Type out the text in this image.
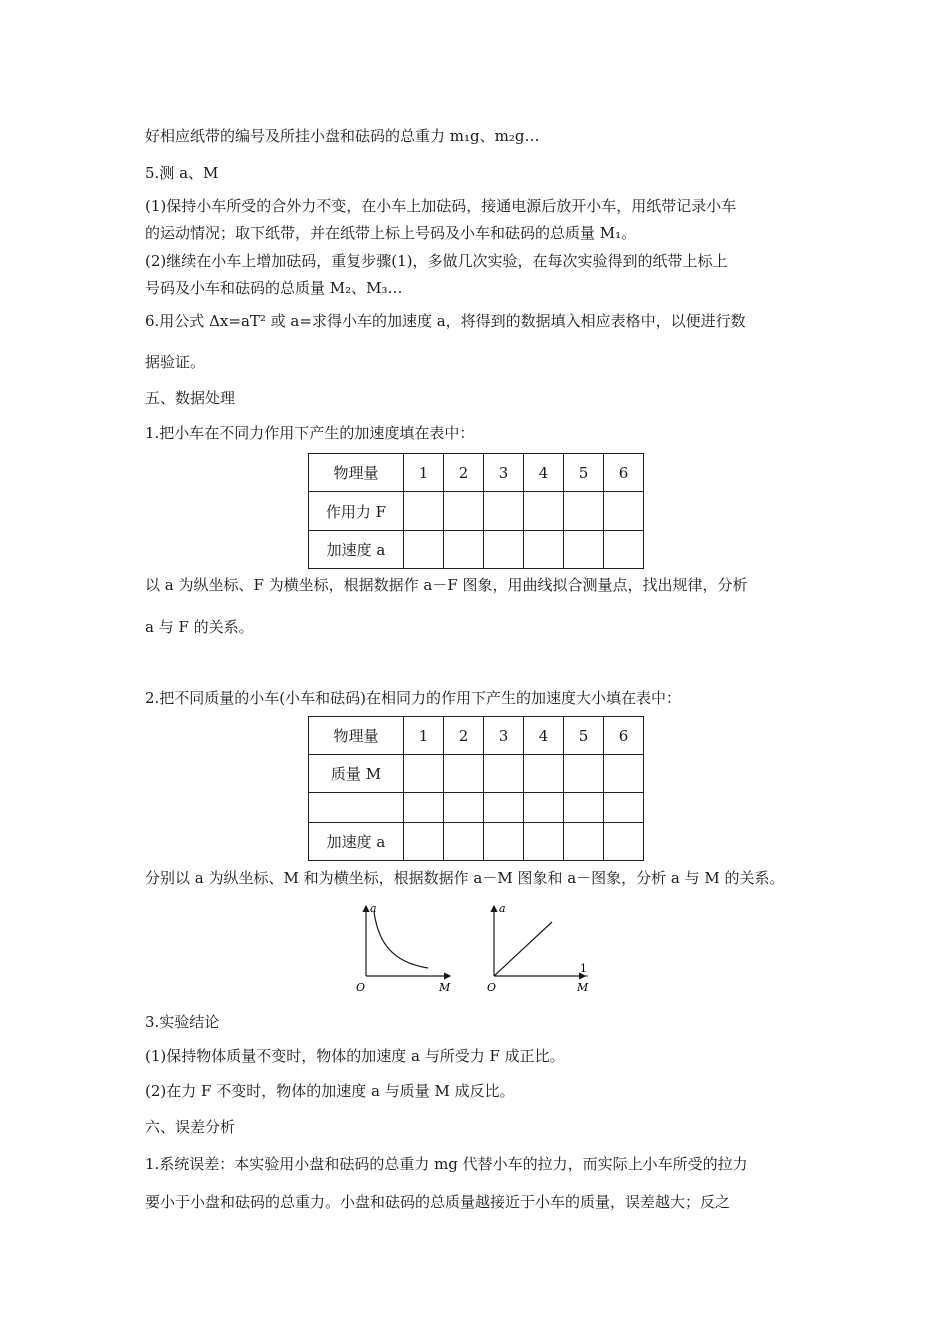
好相应纸带的编号及所挂小盘和砝码的总重力 m₁g、m₂g…
5.测 a、M
(1)保持小车所受的合外力不变，在小车上加砝码，接通电源后放开小车，用纸带记录小车
的运动情况；取下纸带，并在纸带上标上号码及小车和砝码的总质量 M₁。
(2)继续在小车上增加砝码，重复步骤(1)，多做几次实验，在每次实验得到的纸带上标上
号码及小车和砝码的总质量 M₂、M₃…
6.用公式 Δx=aT² 或 a=求得小车的加速度 a，将得到的数据填入相应表格中，以便进行数
据验证。
五、数据处理
1.把小车在不同力作用下产生的加速度填在表中：
物理量	1	2	3	4	5	6
作用力 F						
加速度 a						
以 a 为纵坐标、F 为横坐标，根据数据作 a－F 图象，用曲线拟合测量点，找出规律，分析
a 与 F 的关系。
2.把不同质量的小车(小车和砝码)在相同力的作用下产生的加速度大小填在表中：
物理量	1	2	3	4	5	6
质量 M						

加速度 a						
分别以 a 为纵坐标、M 和为横坐标，根据数据作 a－M 图象和 a－图象，分析 a 与 M 的关系。
a
M
O
a
1
M
O
3.实验结论
(1)保持物体质量不变时，物体的加速度 a 与所受力 F 成正比。
(2)在力 F 不变时，物体的加速度 a 与质量 M 成反比。
六、误差分析
1.系统误差：本实验用小盘和砝码的总重力 mg 代替小车的拉力，而实际上小车所受的拉力
要小于小盘和砝码的总重力。小盘和砝码的总质量越接近于小车的质量，误差越大；反之
